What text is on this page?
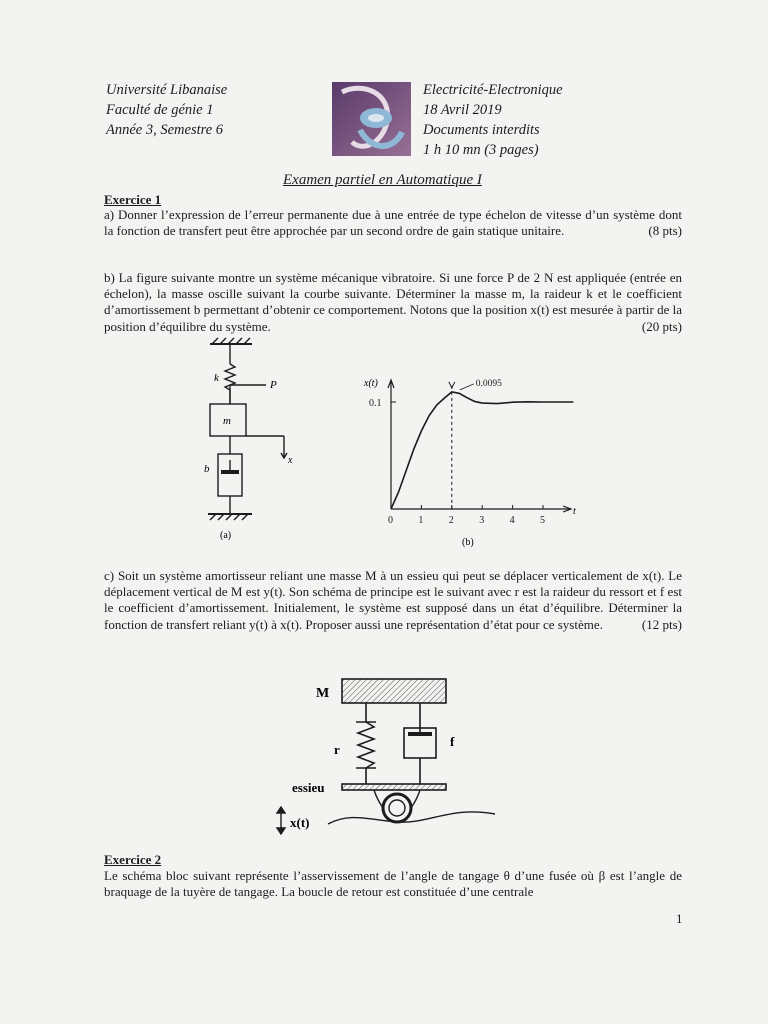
Université Libanaise
Faculté de génie 1
Année 3, Semestre 6
Electricité-Electronique
18 Avril 2019
Documents interdits
1 h 10 mn (3 pages)
Examen partiel en Automatique I
Exercice 1
a) Donner l’expression de l’erreur permanente due à une entrée de type échelon de vitesse d’un système dont la fonction de transfert peut être approchée par un second ordre de gain statique unitaire.	(8 pts)
b) La figure suivante montre un système mécanique vibratoire. Si une force P de 2 N est appliquée (entrée en échelon), la masse oscille suivant la courbe suivante. Déterminer la masse m, la raideur k et le coefficient d’amortissement b permettant d’obtenir ce comportement. Notons que la position x(t) est mesurée à partir de la position d’équilibre du système.	(20 pts)
k
P
m
b
x
(a)
0	1	2	3	4	5
0.1
0.0095
x(t)
t
(b)
c) Soit un système amortisseur reliant une masse M à un essieu qui peut se déplacer verticalement de x(t). Le déplacement vertical de M est y(t). Son schéma de principe est le suivant avec r est la raideur du ressort et f est le coefficient d’amortissement. Initialement, le système est supposé dans un état d’équilibre. Déterminer la fonction de transfert reliant y(t) à x(t). Proposer aussi une représentation d’état pour ce système.	(12 pts)
M
r
f
essieu
x(t)
Exercice 2
Le schéma bloc suivant représente l’asservissement de l’angle de tangage θ d’une fusée où β est l’angle de braquage de la tuyère de tangage. La boucle de retour est constituée d’une centrale
1
